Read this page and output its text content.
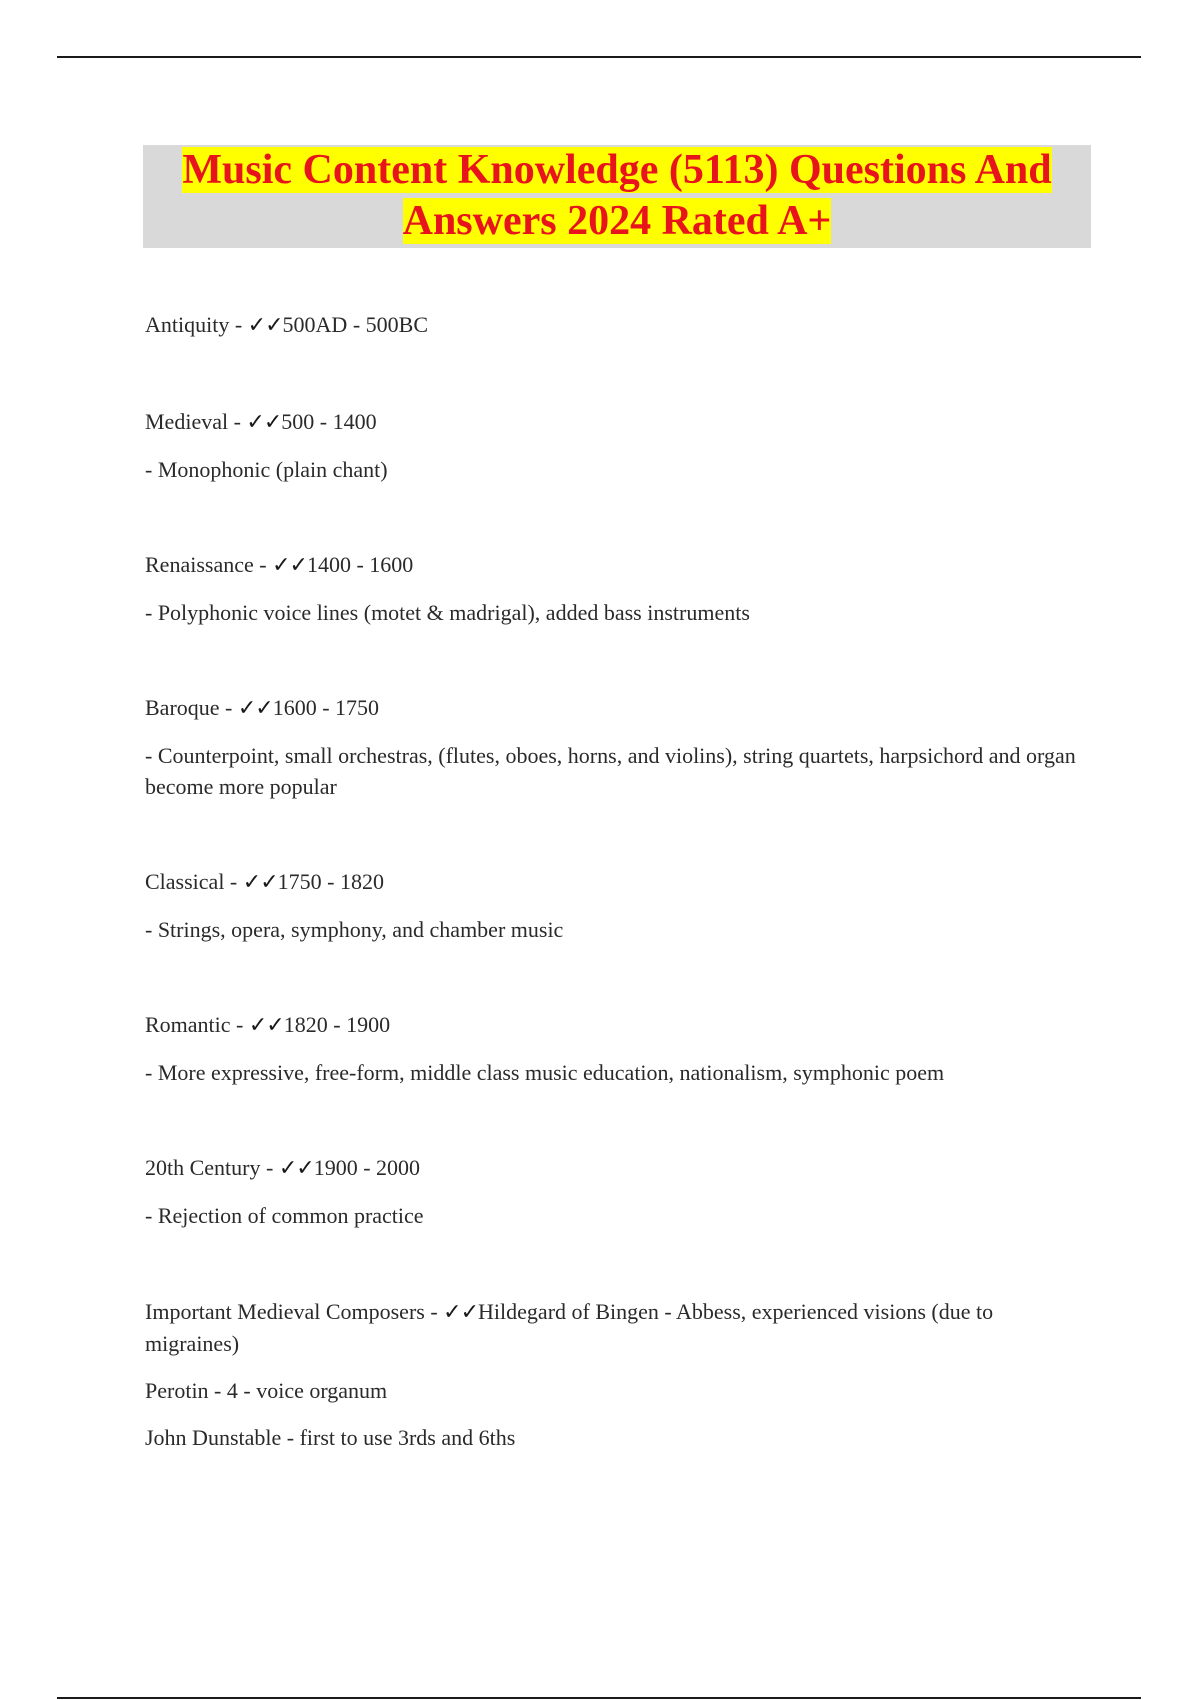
Music Content Knowledge (5113) Questions And
Answers 2024 Rated A+
Antiquity - ✓✓500AD - 500BC
Medieval - ✓✓500 - 1400
- Monophonic (plain chant)
Renaissance - ✓✓1400 - 1600
- Polyphonic voice lines (motet & madrigal), added bass instruments
Baroque - ✓✓1600 - 1750
- Counterpoint, small orchestras, (flutes, oboes, horns, and violins), string quartets, harpsichord and organ become more popular
Classical - ✓✓1750 - 1820
- Strings, opera, symphony, and chamber music
Romantic - ✓✓1820 - 1900
- More expressive, free-form, middle class music education, nationalism, symphonic poem
20th Century - ✓✓1900 - 2000
- Rejection of common practice
Important Medieval Composers - ✓✓Hildegard of Bingen - Abbess, experienced visions (due to migraines)
Perotin - 4 - voice organum
John Dunstable - first to use 3rds and 6ths
